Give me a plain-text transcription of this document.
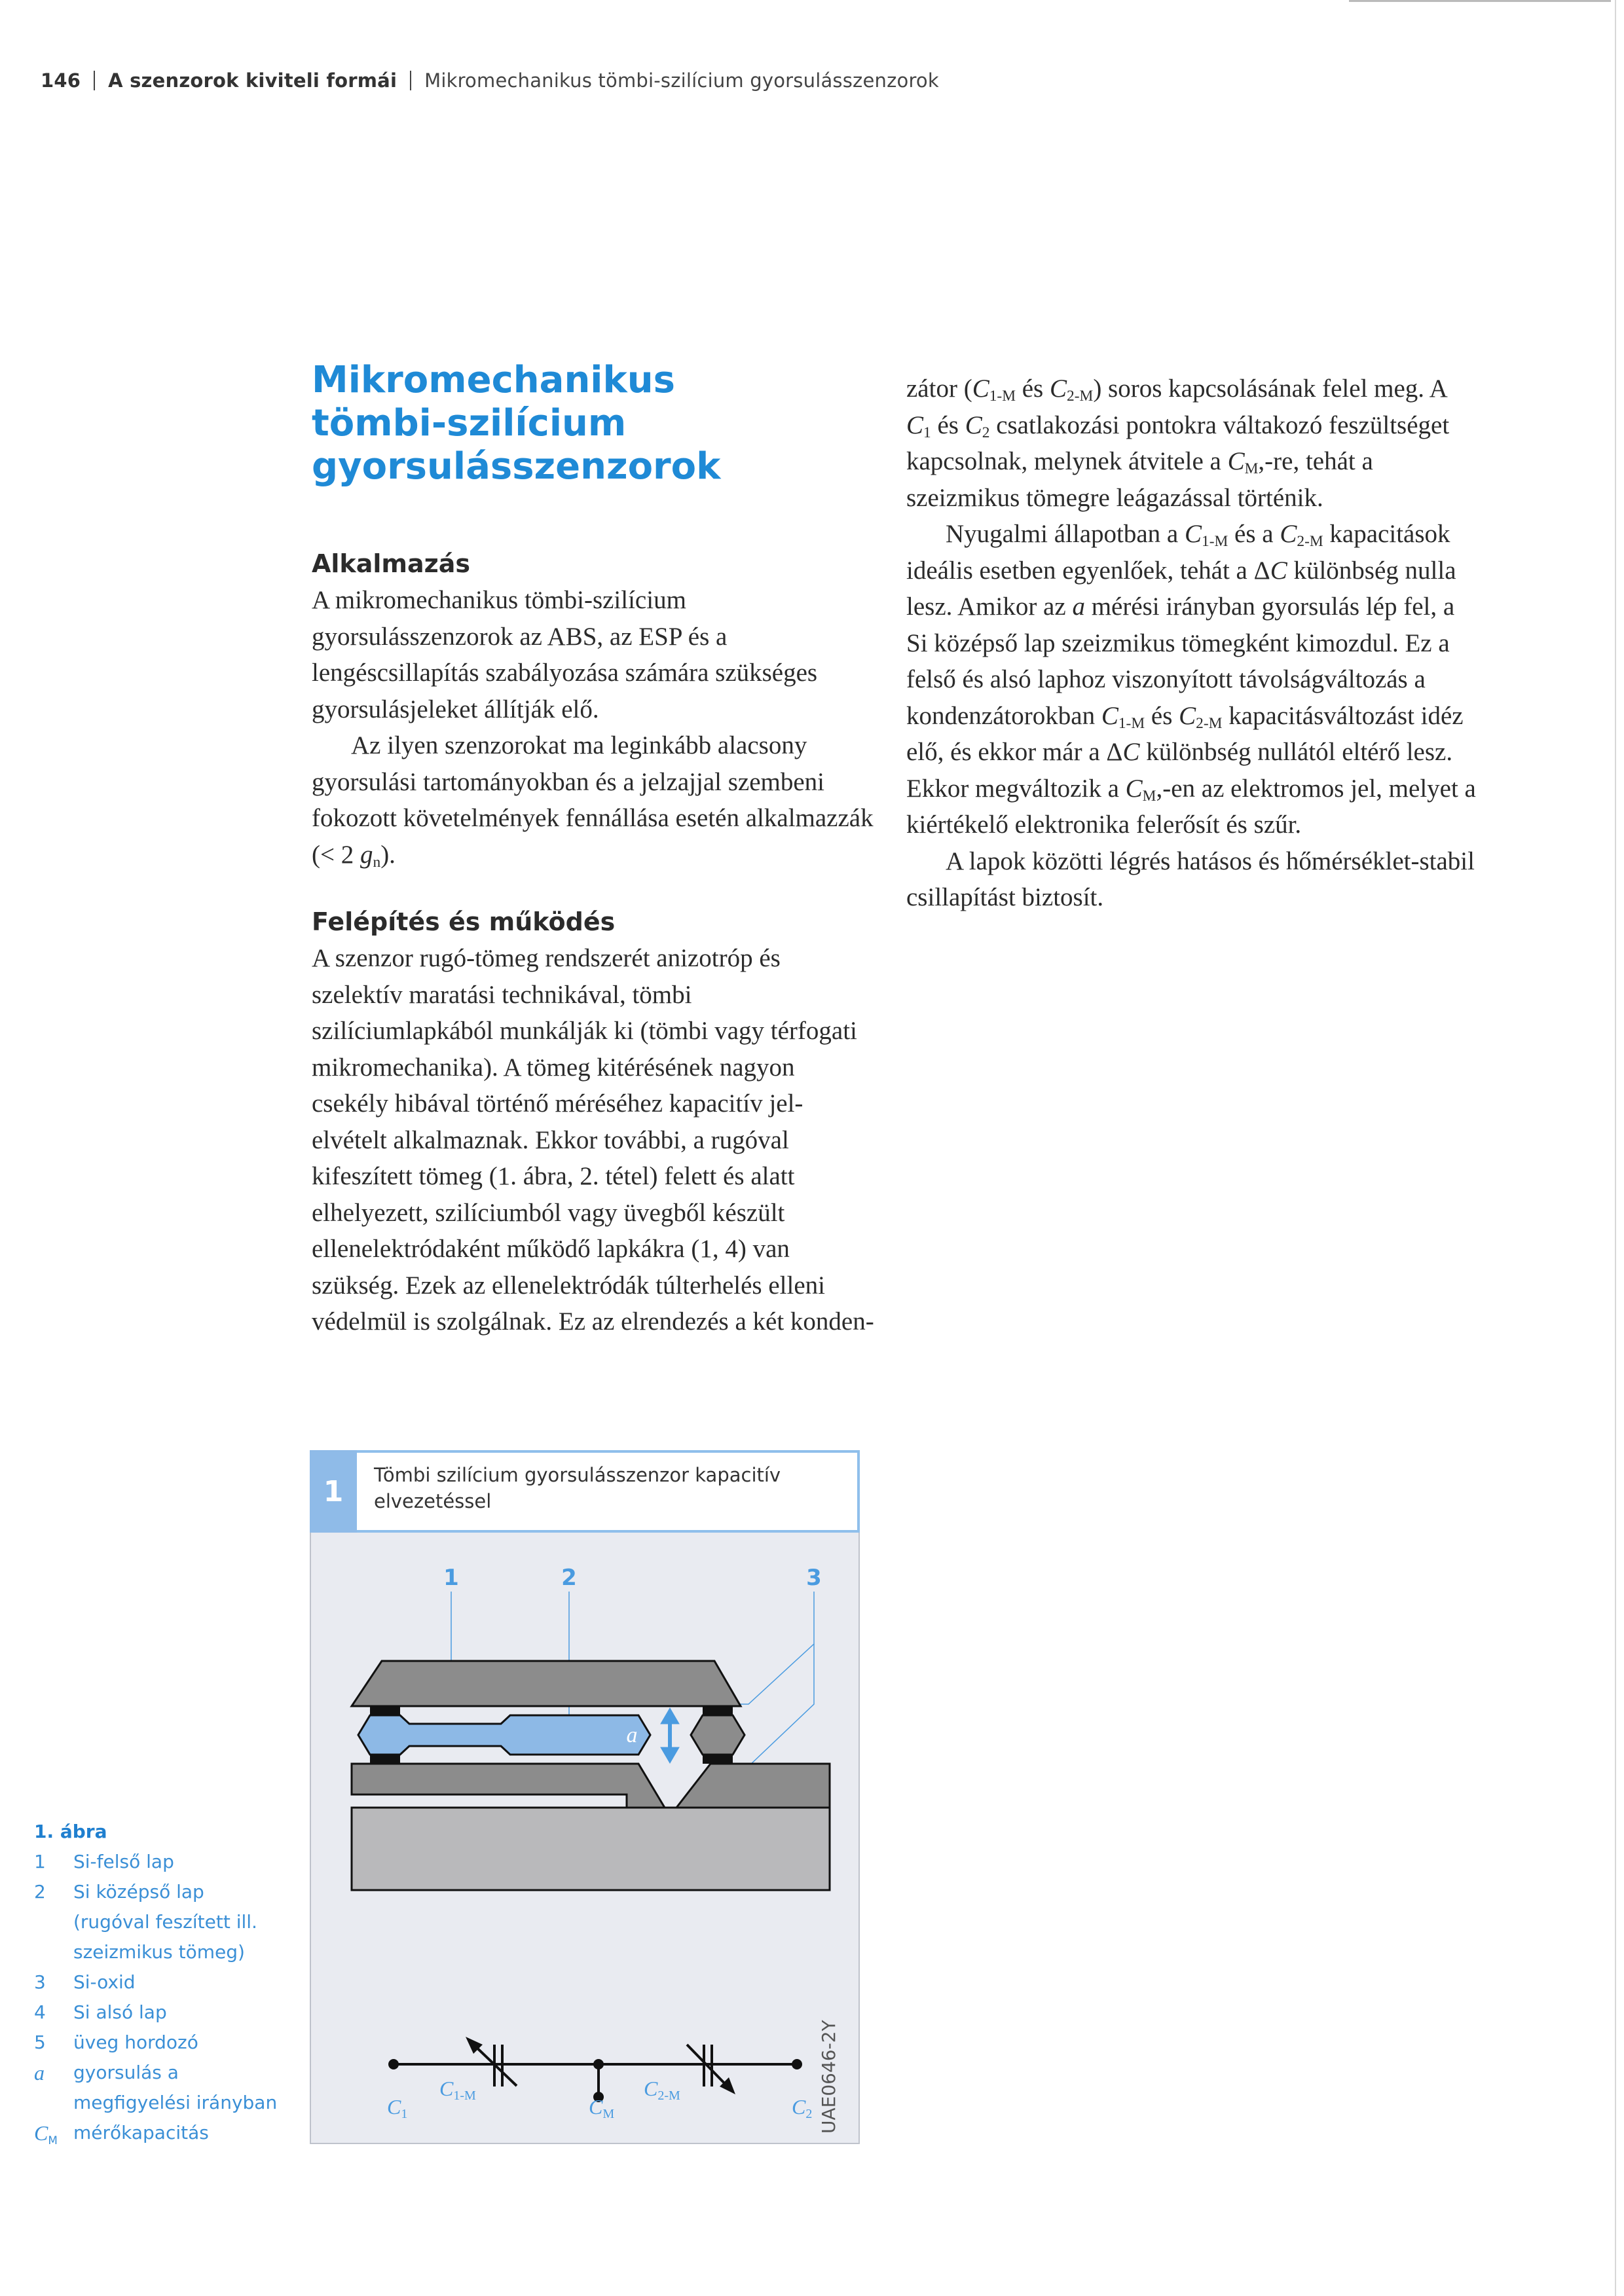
146 A szenzorok kiviteli formái Mikromechanikus tömbi-szilícium gyorsulásszenzorok
Mikromechanikus
tömbi-szilícium
gyorsulásszenzorok
Alkalmazás

A mikromechanikus tömbi-szilícium gyorsulásszenzorok az ABS, az ESP és a lengéscsillapítás szabályozása számára szükséges gyorsulásjeleket állítják elő.

Az ilyen szenzorokat ma leginkább alacsony gyorsulási tartományokban és a jelzajjal szembeni fokozott követelmények fennállása esetén alkalmazzák (< 2 $g_n$).

Felépítés és működés

A szenzor rugó-tömeg rendszerét anizotróp és szelektív maratási technikával, tömbi szilíciumlapkából munkálják ki (tömbi vagy térfogati mikromechanika). A tömeg kitérésének nagyon csekély hibával történő méréséhez kapacitív jel-elvételt alkalmaznak. Ekkor további, a rugóval kifeszített tömeg (1. ábra, 2. tétel) felett és alatt elhelyezett, szilíciumból vagy üvegből készült ellenelektródaként működő lapkákra (1, 4) van szükség. Ezek az ellenelektródák túlterhelés elleni védelmül is szolgálnak. Ez az elrendezés a két konden-

zátor ($C_{1-M}$ és $C_{2-M}$) soros kapcsolásának felel meg. A $C_1$ és $C_2$ csatlakozási pontokra váltakozó feszültséget kapcsolnak, melynek átvitele a $C_M,-re$, tehát a szeizmikus tömegre leágazással történik.

Nyugalmi állapotban a $C_{1-M}$ és a $C_{2-M}$ kapacitások ideális esetben egyenlőek, tehát a ΔC különbség nulla lesz. Amikor az a mérési irányban gyorsulás lép fel, a Si középső lap szeizmikus tömegként kimozdul. Ez a felső és alsó laphoz viszonyított távolságváltozás a kondenzátorokban $C_{1-M}$ és $C_{2-M}$ kapacitásváltozást idéz elő, és ekkor már a ΔC különbség nullától eltérő lesz. Ekkor megváltozik a $C_M,-en$ az elektromos jel, melyet a kiértékelő elektronika felerősít és szűr.

A lapok közötti légrés hatásos és hőmérséklet-stabil csillapítást biztosít.

1	Tömbi szilícium gyorsulásszenzor kapacitív elvezetéssel
1	2	3
a
C1
C1-M	CM
C2-M	C2 UAE0646-2Y
1. ábra
1	Si-felső lap
2	Si középső lap (rugóval feszített ill. szeizmikus tömeg)
3	Si-oxid
4	Si alsó lap
5	üveg hordozó
a	gyorsulás a megfigyelési irányban
$C_M$ mérőkapacitás
